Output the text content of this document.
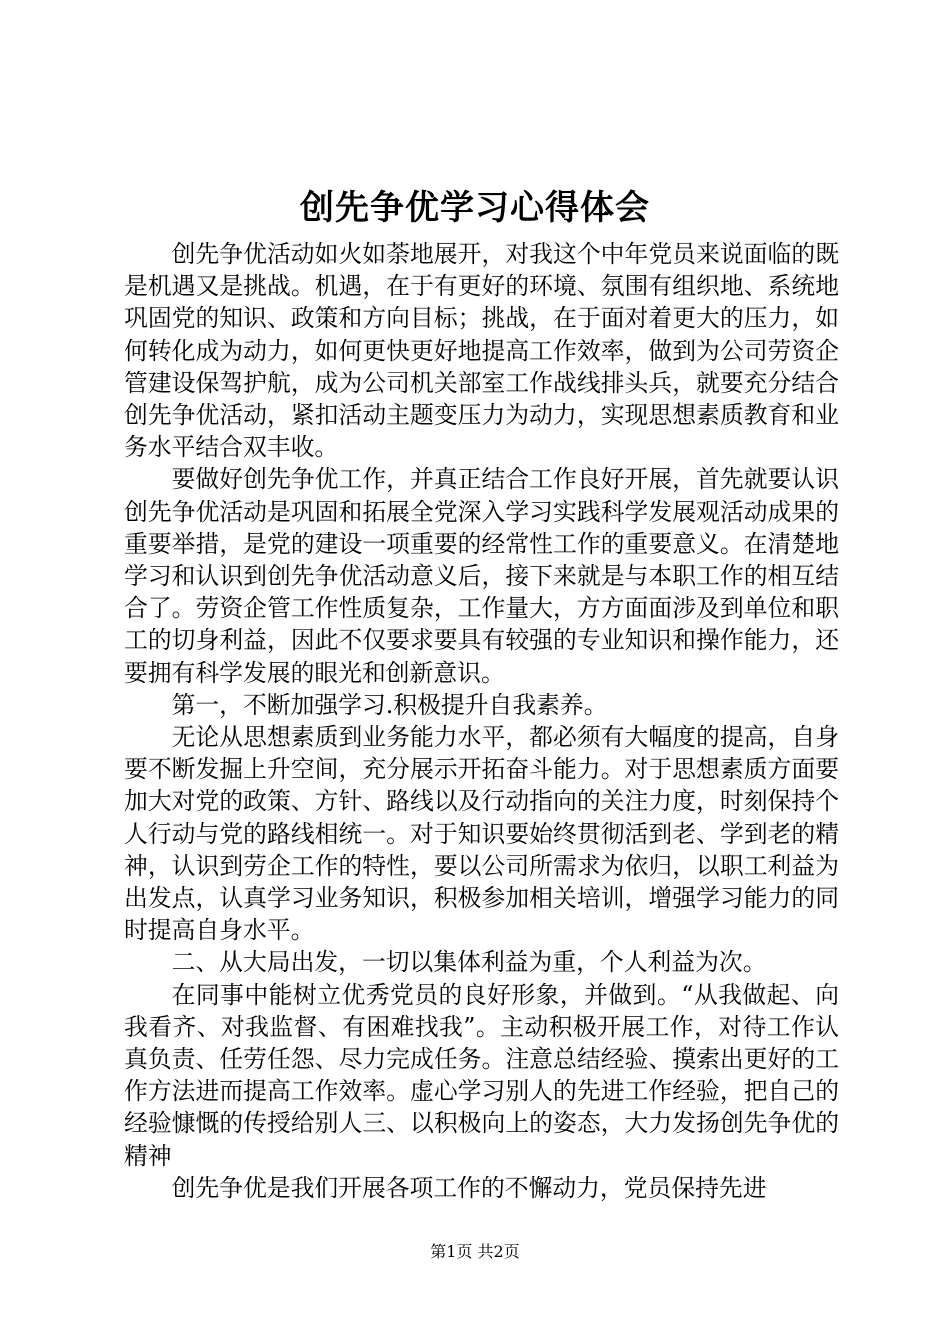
创先争优学习心得体会

创先争优活动如火如荼地展开，对我这个中年党员来说面临的既是机遇又是挑战。机遇，在于有更好的环境、氛围有组织地、系统地巩固党的知识、政策和方向目标；挑战，在于面对着更大的压力，如何转化成为动力，如何更快更好地提高工作效率，做到为公司劳资企管建设保驾护航，成为公司机关部室工作战线排头兵，就要充分结合创先争优活动，紧扣活动主题变压力为动力，实现思想素质教育和业务水平结合双丰收。

要做好创先争优工作，并真正结合工作良好开展，首先就要认识创先争优活动是巩固和拓展全党深入学习实践科学发展观活动成果的重要举措，是党的建设一项重要的经常性工作的重要意义。在清楚地学习和认识到创先争优活动意义后，接下来就是与本职工作的相互结合了。劳资企管工作性质复杂，工作量大，方方面面涉及到单位和职工的切身利益，因此不仅要求要具有较强的专业知识和操作能力，还要拥有科学发展的眼光和创新意识。

第一，不断加强学习.积极提升自我素养。

无论从思想素质到业务能力水平，都必须有大幅度的提高，自身要不断发掘上升空间，充分展示开拓奋斗能力。对于思想素质方面要加大对党的政策、方针、路线以及行动指向的关注力度，时刻保持个人行动与党的路线相统一。对于知识要始终贯彻活到老、学到老的精神，认识到劳企工作的特性，要以公司所需求为依归，以职工利益为出发点，认真学习业务知识，积极参加相关培训，增强学习能力的同时提高自身水平。

二、从大局出发，一切以集体利益为重，个人利益为次。

在同事中能树立优秀党员的良好形象，并做到。“从我做起、向我看齐、对我监督、有困难找我”。主动积极开展工作，对待工作认真负责、任劳任怨、尽力完成任务。注意总结经验、摸索出更好的工作方法进而提高工作效率。虚心学习别人的先进工作经验，把自己的经验慷慨的传授给别人三、以积极向上的姿态，大力发扬创先争优的精神

创先争优是我们开展各项工作的不懈动力，党员保持先进

第1页 共2页
